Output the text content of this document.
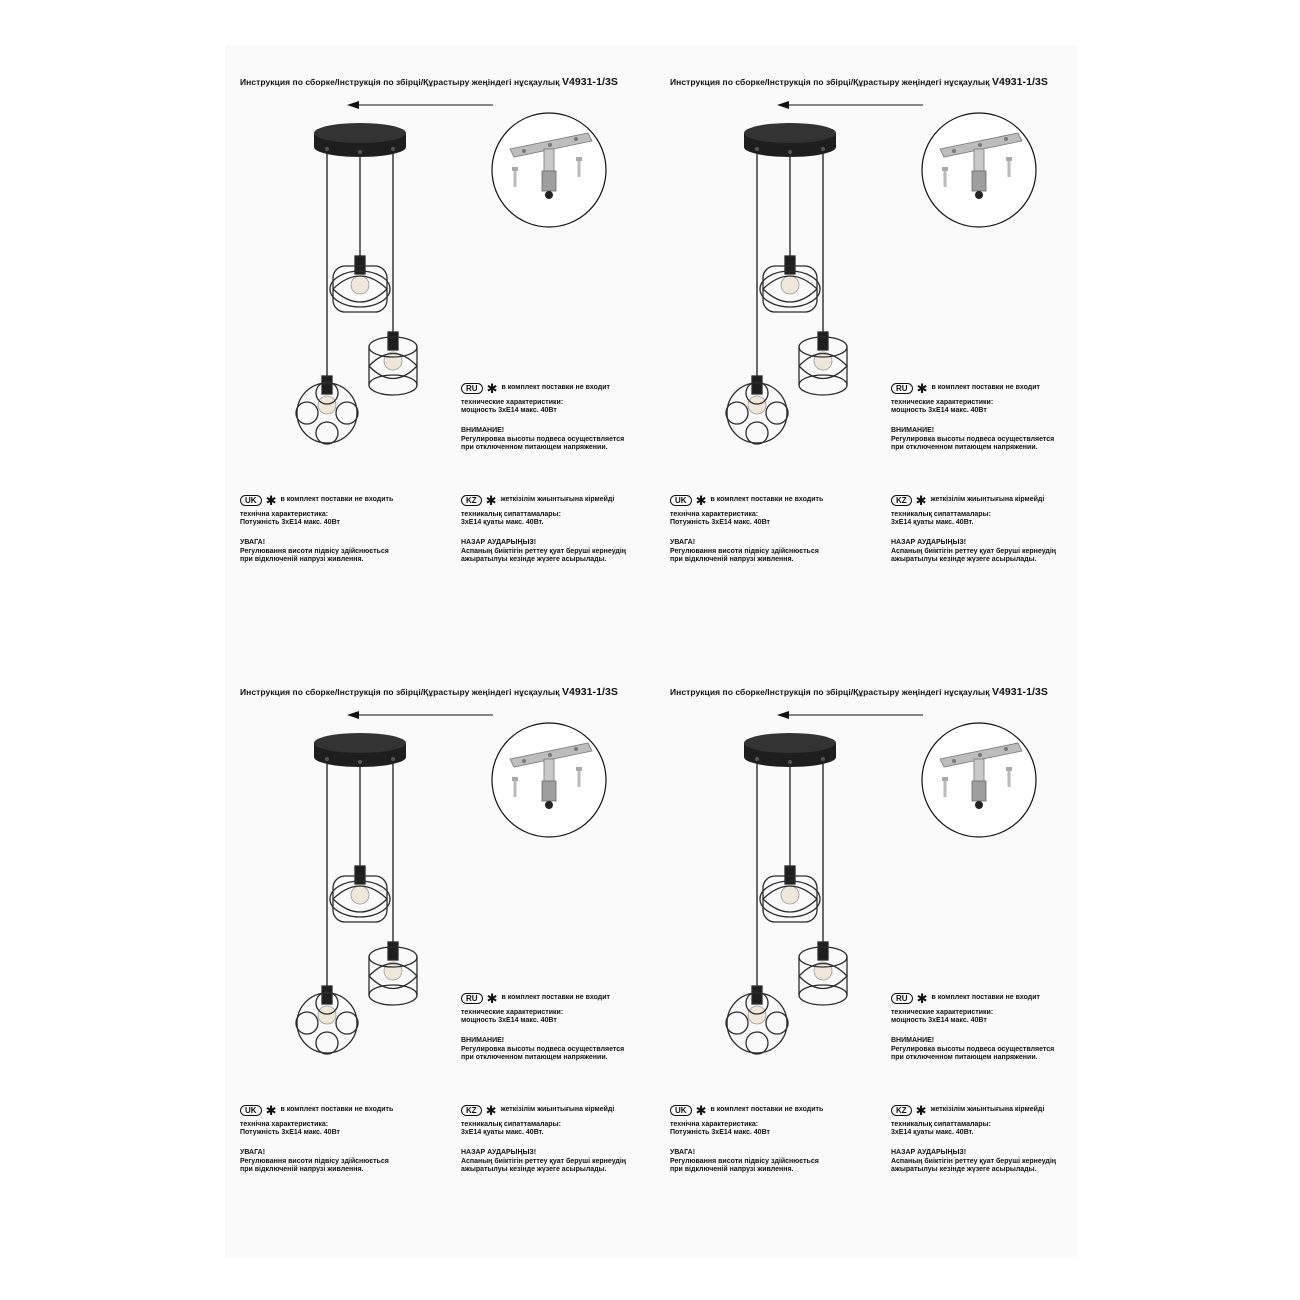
Инструкция по сборке/Інструкція по збірці/Құрастыру жеңіндегі нұсқаулық V4931-1/3S
RU ✱ в комплект поставки не входит

технические характеристики:

мощность 3хЕ14 макс. 40Вт

ВНИМАНИЕ!

Регулировка высоты подвеса осуществляется

при отключенном питающем напряжении.

UK ✱ в комплект поставки не входить

технічна характеристика:

Потужність 3хЕ14 макс. 40Вт

УВАГА!

Регулювання висоти підвісу здійснюється

при відключеній напрузі живлення.

KZ ✱ жеткізілім жиынтығына кірмейді

техникалық сипаттамалары:

3хЕ14 қуаты макс. 40Вт.

НАЗАР АУДАРЫҢЫЗ!

Аспаның биіктігін реттеу қуат беруші кернеудің

ажыратылуы кезінде жүзеге асырылады.

Инструкция по сборке/Інструкція по збірці/Құрастыру жеңіндегі нұсқаулық V4931-1/3S
RU ✱ в комплект поставки не входит

технические характеристики:

мощность 3хЕ14 макс. 40Вт

ВНИМАНИЕ!

Регулировка высоты подвеса осуществляется

при отключенном питающем напряжении.

UK ✱ в комплект поставки не входить

технічна характеристика:

Потужність 3хЕ14 макс. 40Вт

УВАГА!

Регулювання висоти підвісу здійснюється

при відключеній напрузі живлення.

KZ ✱ жеткізілім жиынтығына кірмейді

техникалық сипаттамалары:

3хЕ14 қуаты макс. 40Вт.

НАЗАР АУДАРЫҢЫЗ!

Аспаның биіктігін реттеу қуат беруші кернеудің

ажыратылуы кезінде жүзеге асырылады.

Инструкция по сборке/Інструкція по збірці/Құрастыру жеңіндегі нұсқаулық V4931-1/3S
RU ✱ в комплект поставки не входит

технические характеристики:

мощность 3хЕ14 макс. 40Вт

ВНИМАНИЕ!

Регулировка высоты подвеса осуществляется

при отключенном питающем напряжении.

UK ✱ в комплект поставки не входить

технічна характеристика:

Потужність 3хЕ14 макс. 40Вт

УВАГА!

Регулювання висоти підвісу здійснюється

при відключеній напрузі живлення.

KZ ✱ жеткізілім жиынтығына кірмейді

техникалық сипаттамалары:

3хЕ14 қуаты макс. 40Вт.

НАЗАР АУДАРЫҢЫЗ!

Аспаның биіктігін реттеу қуат беруші кернеудің

ажыратылуы кезінде жүзеге асырылады.

Инструкция по сборке/Інструкція по збірці/Құрастыру жеңіндегі нұсқаулық V4931-1/3S
RU ✱ в комплект поставки не входит

технические характеристики:

мощность 3хЕ14 макс. 40Вт

ВНИМАНИЕ!

Регулировка высоты подвеса осуществляется

при отключенном питающем напряжении.

UK ✱ в комплект поставки не входить

технічна характеристика:

Потужність 3хЕ14 макс. 40Вт

УВАГА!

Регулювання висоти підвісу здійснюється

при відключеній напрузі живлення.

KZ ✱ жеткізілім жиынтығына кірмейді

техникалық сипаттамалары:

3хЕ14 қуаты макс. 40Вт.

НАЗАР АУДАРЫҢЫЗ!

Аспаның биіктігін реттеу қуат беруші кернеудің

ажыратылуы кезінде жүзеге асырылады.
